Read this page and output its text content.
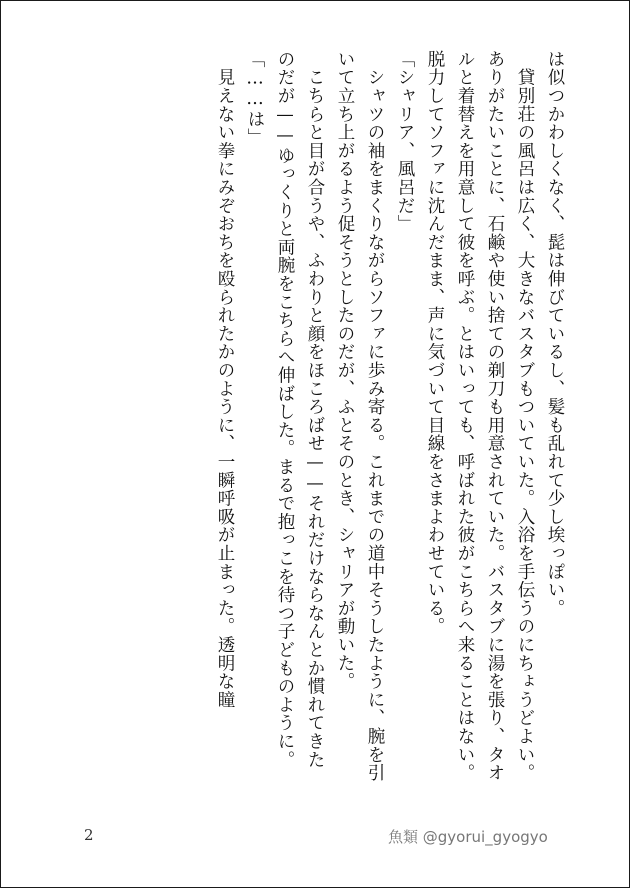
は似つかわしくなく、髭は伸びているし、髪も乱れて少し埃っぽい。

　貸別荘の風呂は広く、大きなバスタブもついていた。入浴を手伝うのにちょうどよい。ありがたいことに、石鹸や使い捨ての剃刀も用意されていた。バスタブに湯を張り、タオルと着替えを用意して彼を呼ぶ。とはいっても、呼ばれた彼がこちらへ来ることはない。脱力してソファに沈んだまま、声に気づいて目線をさまよわせている。

「シャリア、風呂だ」

　シャツの袖をまくりながらソファに歩み寄る。これまでの道中そうしたように、腕を引いて立ち上がるよう促そうとしたのだが、ふとそのとき、シャリアが動いた。

　こちらと目が合うや、ふわりと顔をほころばせ——それだけならなんとか慣れてきたのだが——ゆっくりと両腕をこちらへ伸ばした。まるで抱っこを待つ子どものように。

「……は」

　見えない拳にみぞおちを殴られたかのように、一瞬呼吸が止まった。透明な瞳

2	魚類 @gyorui_gyogyo
